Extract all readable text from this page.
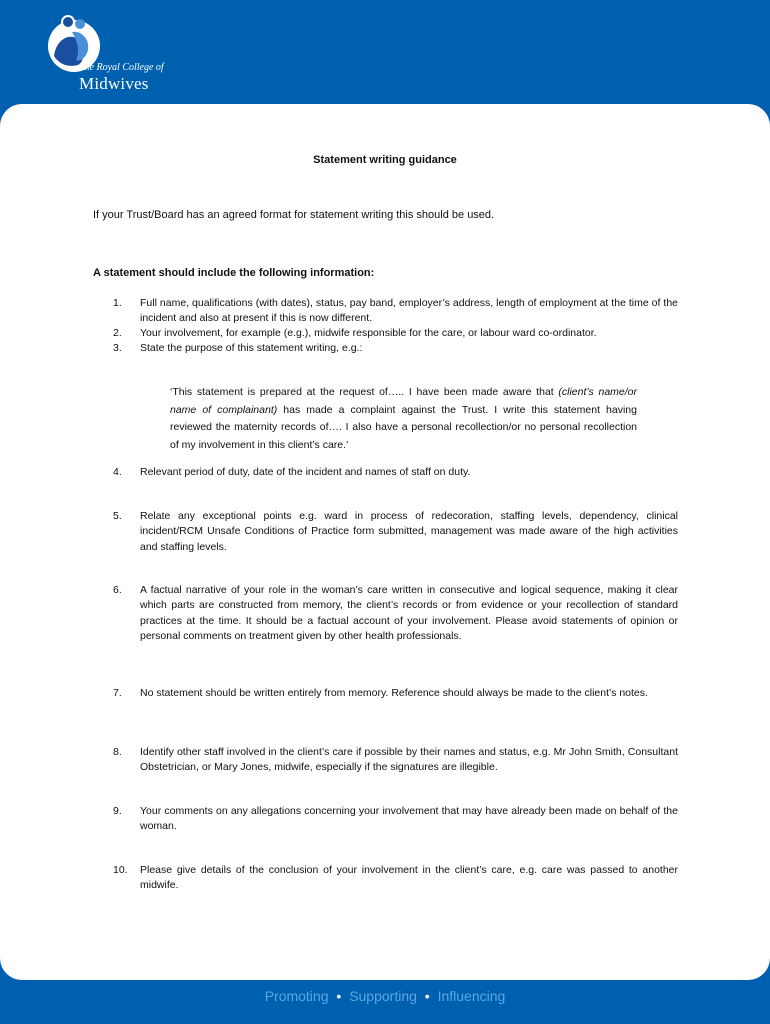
The Royal College of
Midwives
Statement writing guidance
If your Trust/Board has an agreed format for statement writing this should be used.
A statement should include the following information:
1.	Full name, qualifications (with dates), status, pay band, employer’s address, length of employment at the time of the incident and also at present if this is now different.
2.	Your involvement, for example (e.g.), midwife responsible for the care, or labour ward co-ordinator.
3.	State the purpose of this statement writing, e.g.:
‘This statement is prepared at the request of….. I have been made aware that (client’s name/or name of complainant) has made a complaint against the Trust. I write this statement having reviewed the maternity records of…. I also have a personal recollection/or no personal recollection of my involvement in this client’s care.’
4.	Relevant period of duty, date of the incident and names of staff on duty.
5.	Relate any exceptional points e.g. ward in process of redecoration, staffing levels, dependency, clinical incident/RCM Unsafe Conditions of Practice form submitted, management was made aware of the high activities and staffing levels.
6.	A factual narrative of your role in the woman’s care written in consecutive and logical sequence, making it clear which parts are constructed from memory, the client’s records or from evidence or your recollection of standard practices at the time. It should be a factual account of your involvement. Please avoid statements of opinion or personal comments on treatment given by other health professionals.
7.	No statement should be written entirely from memory. Reference should always be made to the client’s notes.
8.	Identify other staff involved in the client’s care if possible by their names and status, e.g. Mr John Smith, Consultant Obstetrician, or Mary Jones, midwife, especially if the signatures are illegible.
9.	Your comments on any allegations concerning your involvement that may have already been made on behalf of the woman.
10.	Please give details of the conclusion of your involvement in the client’s care, e.g. care was passed to another midwife.
Promoting • Supporting • Influencing
